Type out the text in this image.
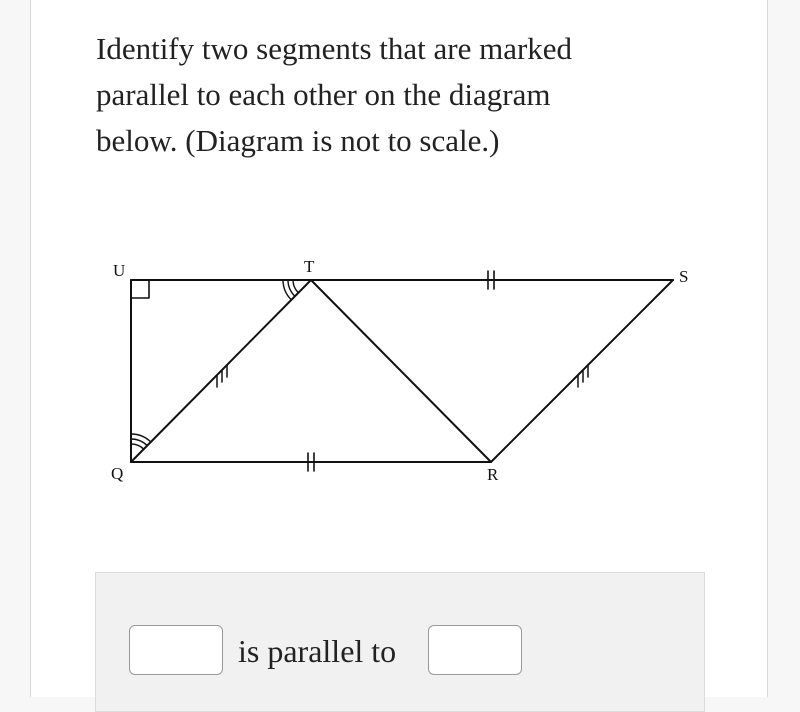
Identify two segments that are marked
parallel to each other on the diagram
below. (Diagram is not to scale.)
U	T
S
Q	R
is parallel to
